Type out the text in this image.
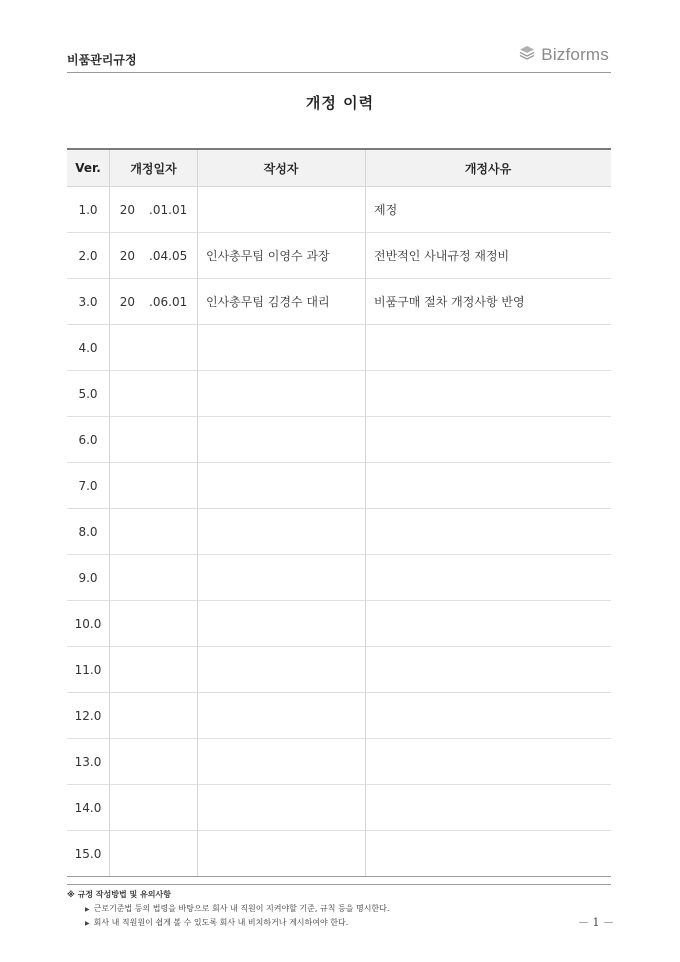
비품관리규정	Bizforms
개정 이력
Ver.	개정일자	작성자	개정사유
1.0	20 .01.01		제정
2.0	20 .04.05	인사총무팀 이영수 과장	전반적인 사내규정 재정비
3.0	20 .06.01	인사총무팀 김경수 대리	비품구매 절차 개정사항 반영
4.0	

5.0	

6.0	

7.0	

8.0	

9.0	

10.0	

11.0	

12.0	

13.0	

14.0	

15.0	

※ 규정 작성방법 및 유의사항
▶ 근로기준법 등의 법령을 바탕으로 회사 내 직원이 지켜야할 기준, 규칙 등을 명시한다.
▶ 회사 내 직원원이 쉽게 볼 수 있도록 회사 내 비치하거나 게시하여야 한다.	－ 1 －
